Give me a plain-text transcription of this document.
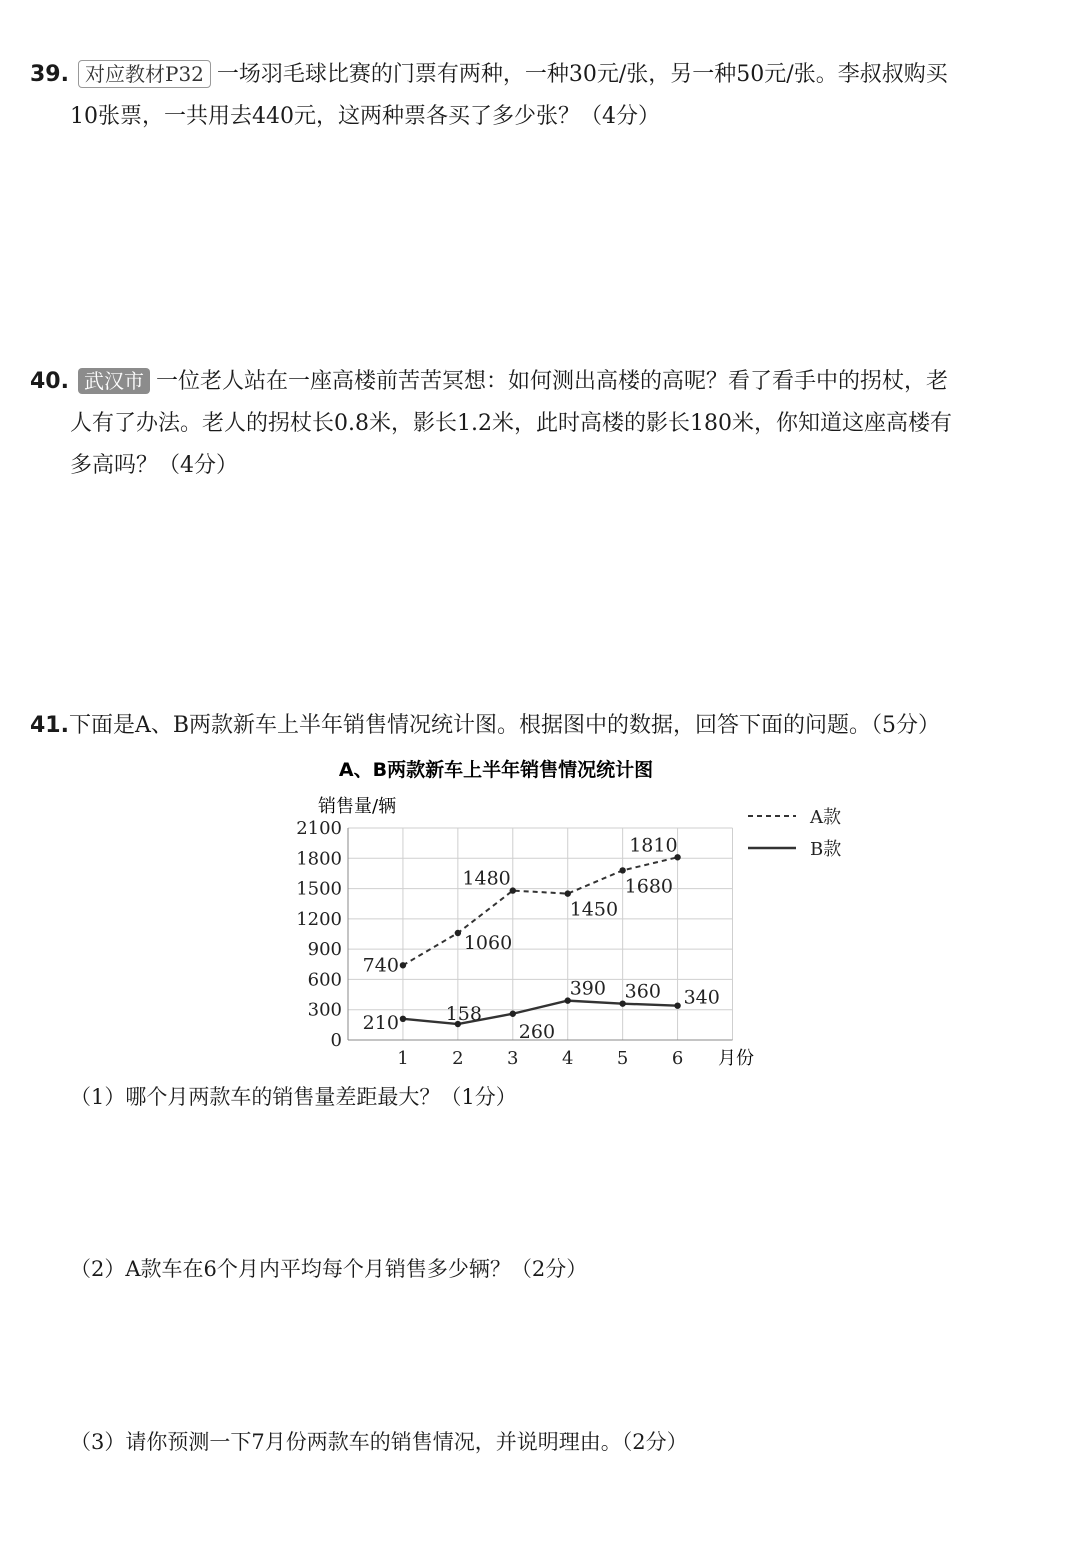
39. 对应教材P32 一场羽毛球比赛的门票有两种，一种30元/张，另一种50元/张。李叔叔购买
10张票，一共用去440元，这两种票各买了多少张？（4分）
40. 武汉市 一位老人站在一座高楼前苦苦冥想：如何测出高楼的高呢？看了看手中的拐杖，老
人有了办法。老人的拐杖长0.8米，影长1.2米，此时高楼的影长180米，你知道这座高楼有
多高吗？（4分）
41.下面是A、B两款新车上半年销售情况统计图。根据图中的数据，回答下面的问题。（5分）
A、B两款新车上半年销售情况统计图
销售量/辆
月份
0
300
600
900
1200
1500
1800
2100
1 2 3 4 5 6
740
1060
1480
1450
1680
1810
210 158
260
390 360 340
A款
B款
（1）哪个月两款车的销售量差距最大？（1分）
（2）A款车在6个月内平均每个月销售多少辆？（2分）
（3）请你预测一下7月份两款车的销售情况，并说明理由。（2分）
